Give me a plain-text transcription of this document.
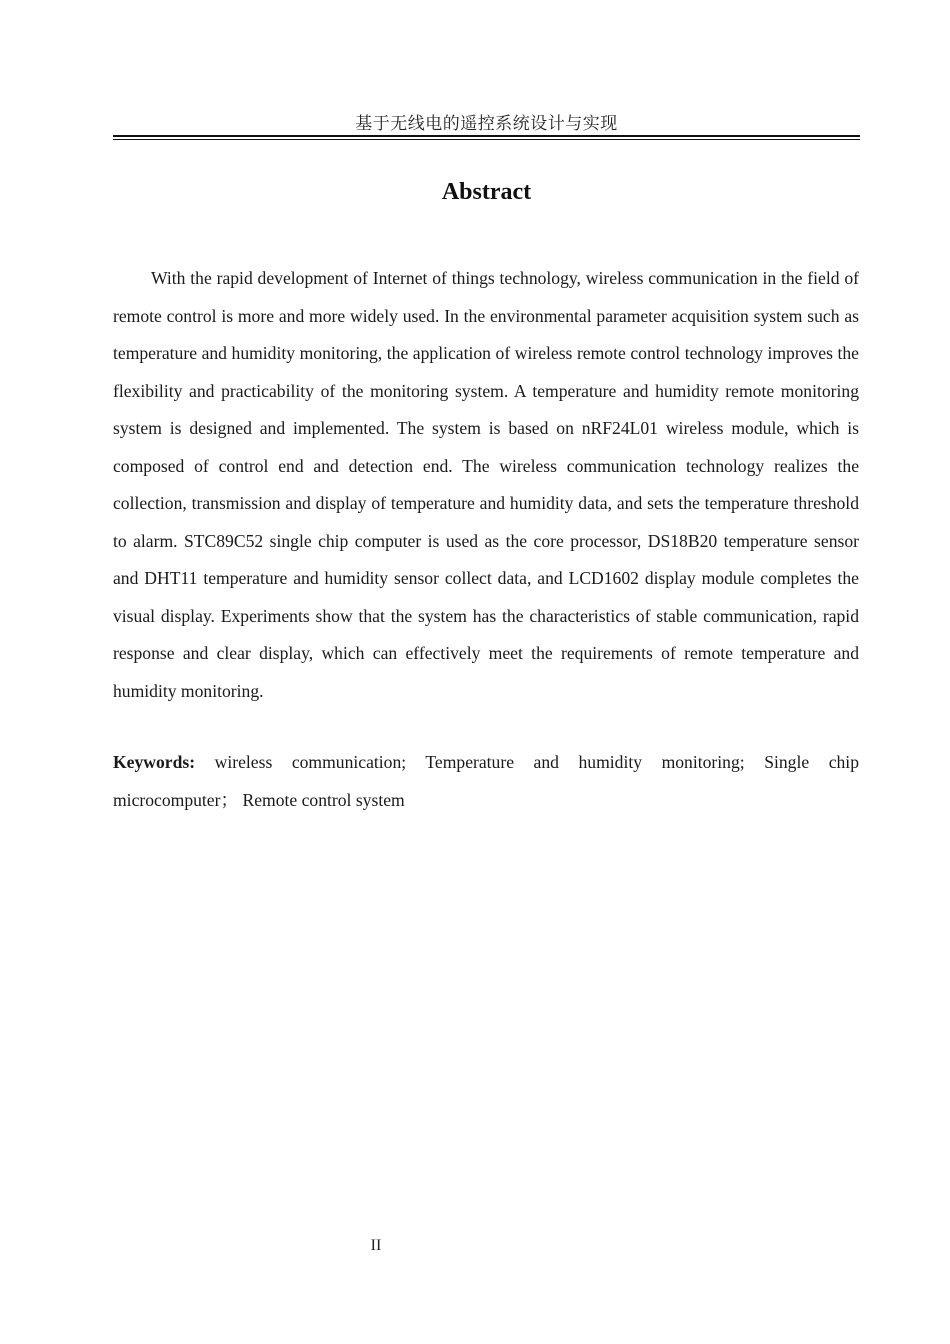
基于无线电的遥控系统设计与实现
Abstract

With the rapid development of Internet of things technology, wireless communication in the field of remote control is more and more widely used. In the environmental parameter acquisition system such as temperature and humidity monitoring, the application of wireless remote control technology improves the flexibility and practicability of the monitoring system. A temperature and humidity remote monitoring system is designed and implemented. The system is based on nRF24L01 wireless module, which is composed of control end and detection end. The wireless communication technology realizes the collection, transmission and display of temperature and humidity data, and sets the temperature threshold to alarm. STC89C52 single chip computer is used as the core processor, DS18B20 temperature sensor and DHT11 temperature and humidity sensor collect data, and LCD1602 display module completes the visual display. Experiments show that the system has the characteristics of stable communication, rapid response and clear display, which can effectively meet the requirements of remote temperature and humidity monitoring.

Keywords: wireless communication; Temperature and humidity monitoring; Single chip microcomputer； Remote control system

II
